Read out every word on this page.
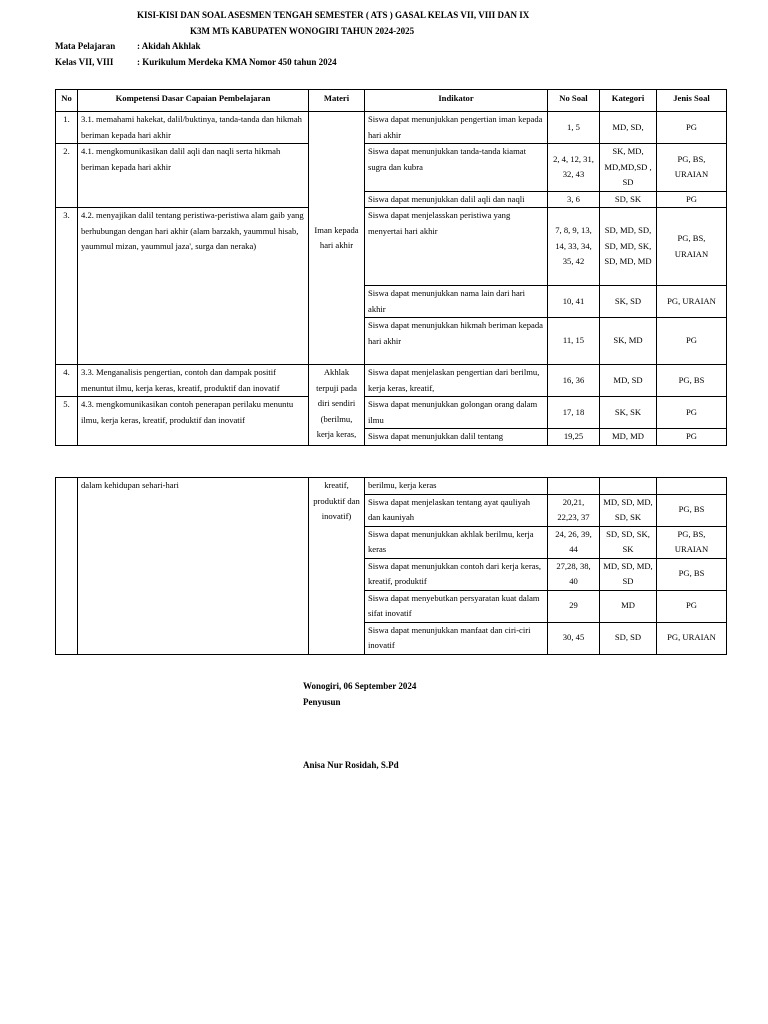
KISI-KISI DAN SOAL ASESMEN TENGAH SEMESTER ( ATS ) GASAL KELAS VII, VIII DAN IX
K3M MTs KABUPATEN WONOGIRI TAHUN 2024-2025
Mata Pelajaran : Akidah Akhlak
Kelas VII, VIII	: Kurikulum Merdeka KMA Nomor 450 tahun 2024
No	Kompetensi Dasar Capaian Pembelajaran	Materi	Indikator	No Soal	Kategori	Jenis Soal
1.	3.1. memahami hakekat, dalil/buktinya, tanda-tanda dan hikmah beriman kepada hari akhir	Iman kepada hari akhir	Siswa dapat menunjukkan pengertian iman kepada hari akhir	1, 5	MD, SD,	PG
2.	4.1. mengkomunikasikan dalil aqli dan naqli serta hikmah beriman kepada hari akhir		Siswa dapat menunjukkan tanda-tanda kiamat sugra dan kubra	2, 4, 12, 31, 32, 43	SK, MD, MD,MD,SD , SD	PG, BS, URAIAN
			Siswa dapat menunjukkan dalil aqli dan naqli	3, 6	SD, SK	PG
3.	4.2. menyajikan dalil tentang peristiwa-peristiwa alam gaib yang berhubungan dengan hari akhir (alam barzakh, yaummul hisab, yaummul mizan, yaummul jaza', surga dan neraka)		Siswa dapat menjelasskan peristiwa yang menyertai hari akhir	7, 8, 9, 13, 14, 33, 34, 35, 42	SD, MD, SD, SD, MD, SK, SD, MD, MD	PG, BS, URAIAN
			Siswa dapat menunjukkan nama lain dari hari akhir	10, 41	SK, SD	PG, URAIAN
			Siswa dapat menunjukkan hikmah beriman kepada hari akhir	11, 15	SK, MD	PG
4.	3.3. Menganalisis pengertian, contoh dan dampak positif menuntut ilmu, kerja keras, kreatif, produktif dan inovatif	Akhlak terpuji pada diri sendiri (berilmu, kerja keras,	Siswa dapat menjelaskan pengertian dari berilmu, kerja keras, kreatif,	16, 36	MD, SD	PG, BS
5.	4.3. mengkomunikasikan contoh penerapan perilaku menuntu ilmu, kerja keras, kreatif, produktif dan inovatif		Siswa dapat menunjukkan golongan orang dalam ilmu	17, 18	SK, SK	PG
			Siswa dapat menunjukkan dalil tentang	19,25	MD, MD	PG
	dalam kehidupan sehari-hari	kreatif, produktif dan inovatif)	berilmu, kerja keras			
			Siswa dapat menjelaskan tentang ayat qauliyah dan kauniyah	20,21, 22,23, 37	MD, SD, MD, SD, SK	PG, BS
			Siswa dapat menunjukkan akhlak berilmu, kerja keras	24, 26, 39, 44	SD, SD, SK, SK	PG, BS, URAIAN
			Siswa dapat menunjukkan contoh dari kerja keras, kreatif, produktif	27,28, 38, 40	MD, SD, MD, SD	PG, BS
			Siswa dapat menyebutkan persyaratan kuat dalam sifat inovatif	29	MD	PG
			Siswa dapat menunjukkan manfaat dan ciri-ciri inovatif	30, 45	SD, SD	PG, URAIAN
Wonogiri, 06 September 2024
Penyusun
Anisa Nur Rosidah, S.Pd
